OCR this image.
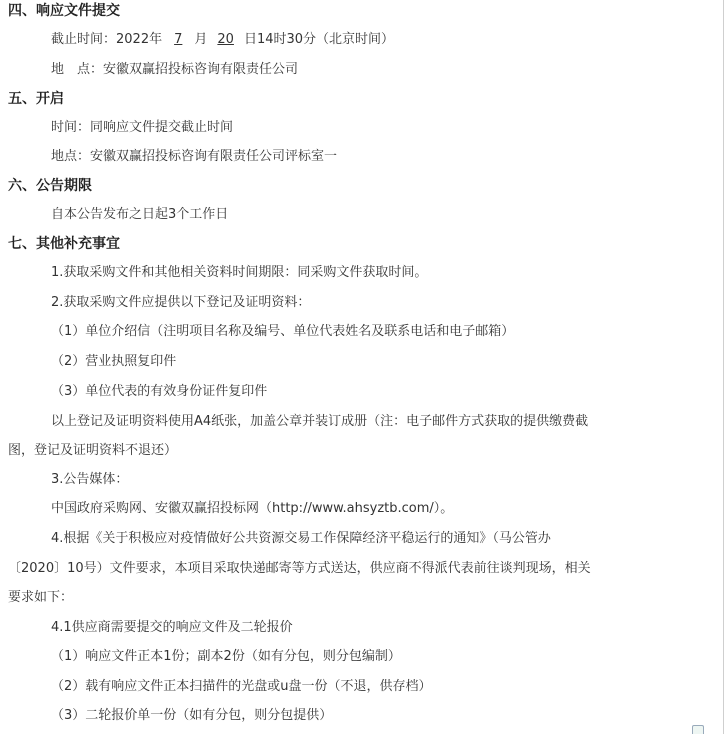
四、响应文件提交
截止时间：2022年 7 月 20 日14时30分（北京时间）
地　点：安徽双赢招投标咨询有限责任公司
五、开启
时间：同响应文件提交截止时间
地点：安徽双赢招投标咨询有限责任公司评标室一
六、公告期限
自本公告发布之日起3个工作日
七、其他补充事宜
1.获取采购文件和其他相关资料时间期限：同采购文件获取时间。
2.获取采购文件应提供以下登记及证明资料：
（1）单位介绍信（注明项目名称及编号、单位代表姓名及联系电话和电子邮箱）
（2）营业执照复印件
（3）单位代表的有效身份证件复印件
以上登记及证明资料使用A4纸张，加盖公章并装订成册（注：电子邮件方式获取的提供缴费截
图，登记及证明资料不退还）
3.公告媒体：
中国政府采购网、安徽双赢招投标网（http://www.ahsyztb.com/）。
4.根据《关于积极应对疫情做好公共资源交易工作保障经济平稳运行的通知》（马公管办
〔2020〕10号）文件要求，本项目采取快递邮寄等方式送达，供应商不得派代表前往谈判现场，相关
要求如下：
4.1供应商需要提交的响应文件及二轮报价
（1）响应文件正本1份；副本2份（如有分包，则分包编制）
（2）载有响应文件正本扫描件的光盘或u盘一份（不退，供存档）
（3）二轮报价单一份（如有分包，则分包提供）
